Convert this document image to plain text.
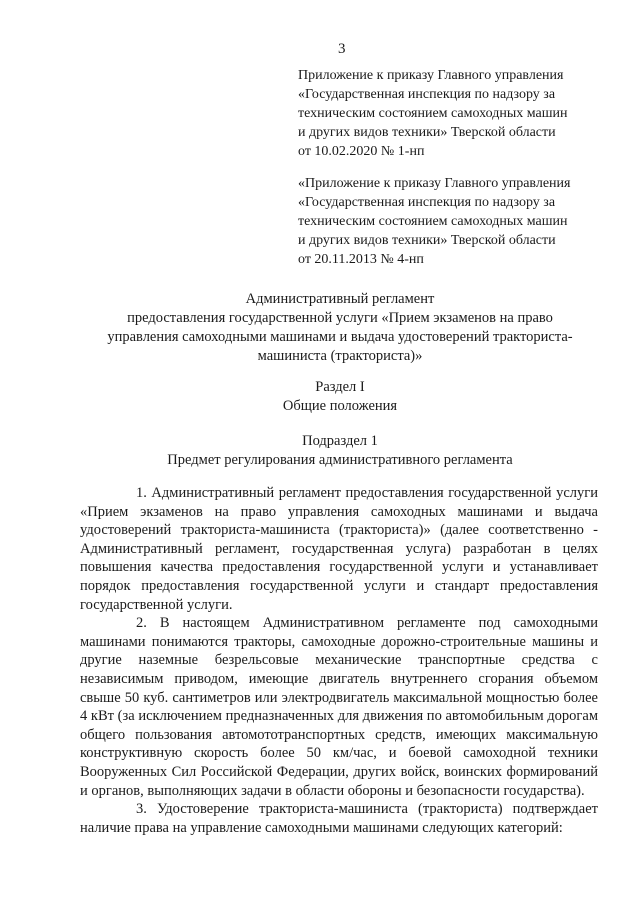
3
Приложение к приказу Главного управления
«Государственная инспекция по надзору за
техническим состоянием самоходных машин
и других видов техники» Тверской области
от 10.02.2020 № 1-нп
«Приложение к приказу Главного управления
«Государственная инспекция по надзору за
техническим состоянием самоходных машин
и других видов техники» Тверской области
от 20.11.2013 № 4-нп
Административный регламент
предоставления государственной услуги «Прием экзаменов на право
управления самоходными машинами и выдача удостоверений тракториста-
машиниста (тракториста)»
Раздел I
Общие положения
Подраздел 1
Предмет регулирования административного регламента

1. Административный регламент предоставления государственной услуги «Прием экзаменов на право управления самоходных машинами и выдача удостоверений тракториста-машиниста (тракториста)» (далее соответственно - Административный регламент, государственная услуга) разработан в целях повышения качества предоставления государственной услуги и устанавливает порядок предоставления государственной услуги и стандарт предоставления государственной услуги.

2. В настоящем Административном регламенте под самоходными машинами понимаются тракторы, самоходные дорожно-строительные машины и другие наземные безрельсовые механические транспортные средства с независимым приводом, имеющие двигатель внутреннего сгорания объемом свыше 50 куб. сантиметров или электродвигатель максимальной мощностью более 4 кВт (за исключением предназначенных для движения по автомобильным дорогам общего пользования автомототранспортных средств, имеющих максимальную конструктивную скорость более 50 км/час, и боевой самоходной техники Вооруженных Сил Российской Федерации, других войск, воинских формирований и органов, выполняющих задачи в области обороны и безопасности государства).

3. Удостоверение тракториста-машиниста (тракториста) подтверждает наличие права на управление самоходными машинами следующих категорий:
